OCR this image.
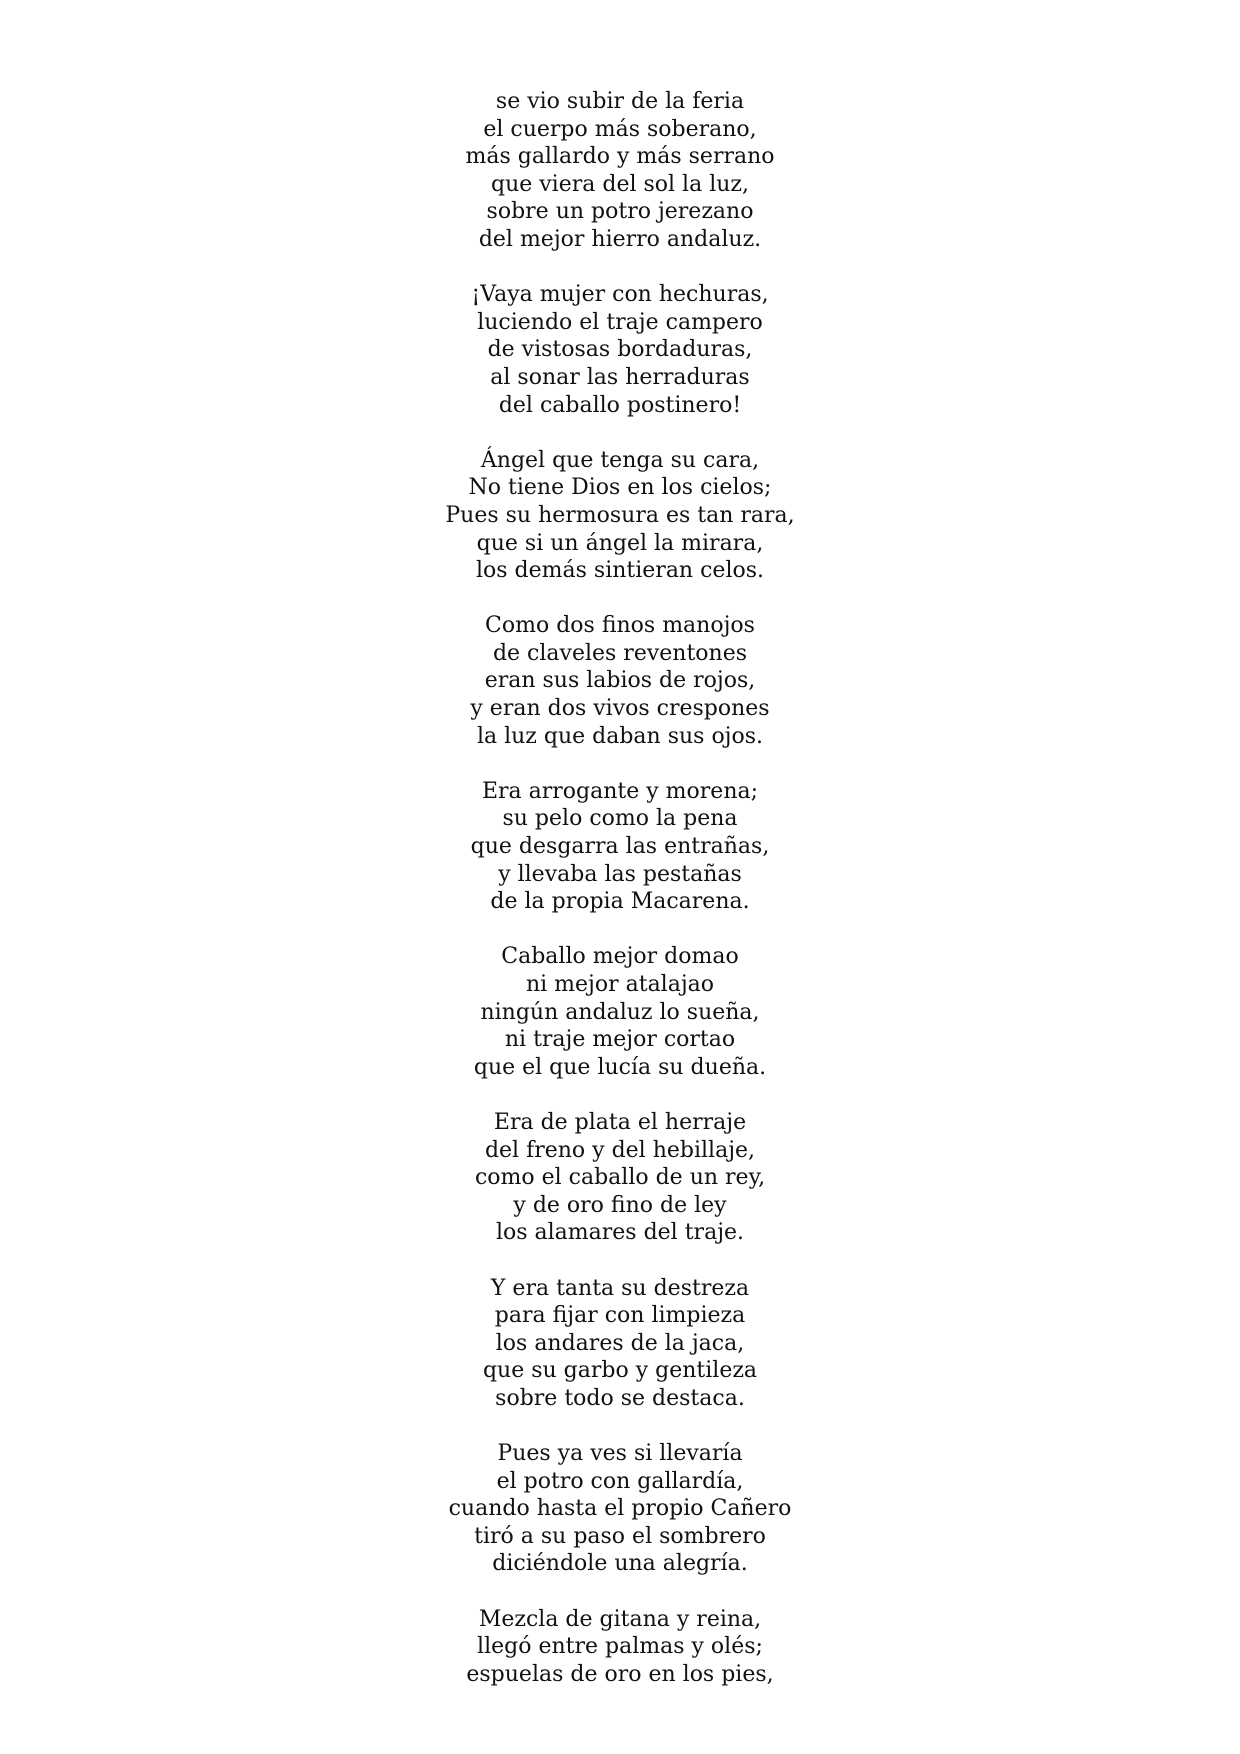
se vio subir de la feria
el cuerpo más soberano,
más gallardo y más serrano
que viera del sol la luz,
sobre un potro jerezano
del mejor hierro andaluz.
¡Vaya mujer con hechuras,
luciendo el traje campero
de vistosas bordaduras,
al sonar las herraduras
del caballo postinero!
Ángel que tenga su cara,
No tiene Dios en los cielos;
Pues su hermosura es tan rara,
que si un ángel la mirara,
los demás sintieran celos.
Como dos finos manojos
de claveles reventones
eran sus labios de rojos,
y eran dos vivos crespones
la luz que daban sus ojos.
Era arrogante y morena;
su pelo como la pena
que desgarra las entrañas,
y llevaba las pestañas
de la propia Macarena.
Caballo mejor domao
ni mejor atalajao
ningún andaluz lo sueña,
ni traje mejor cortao
que el que lucía su dueña.
Era de plata el herraje
del freno y del hebillaje,
como el caballo de un rey,
y de oro fino de ley
los alamares del traje.
Y era tanta su destreza
para fijar con limpieza
los andares de la jaca,
que su garbo y gentileza
sobre todo se destaca.
Pues ya ves si llevaría
el potro con gallardía,
cuando hasta el propio Cañero
tiró a su paso el sombrero
diciéndole una alegría.
Mezcla de gitana y reina,
llegó entre palmas y olés;
espuelas de oro en los pies,
